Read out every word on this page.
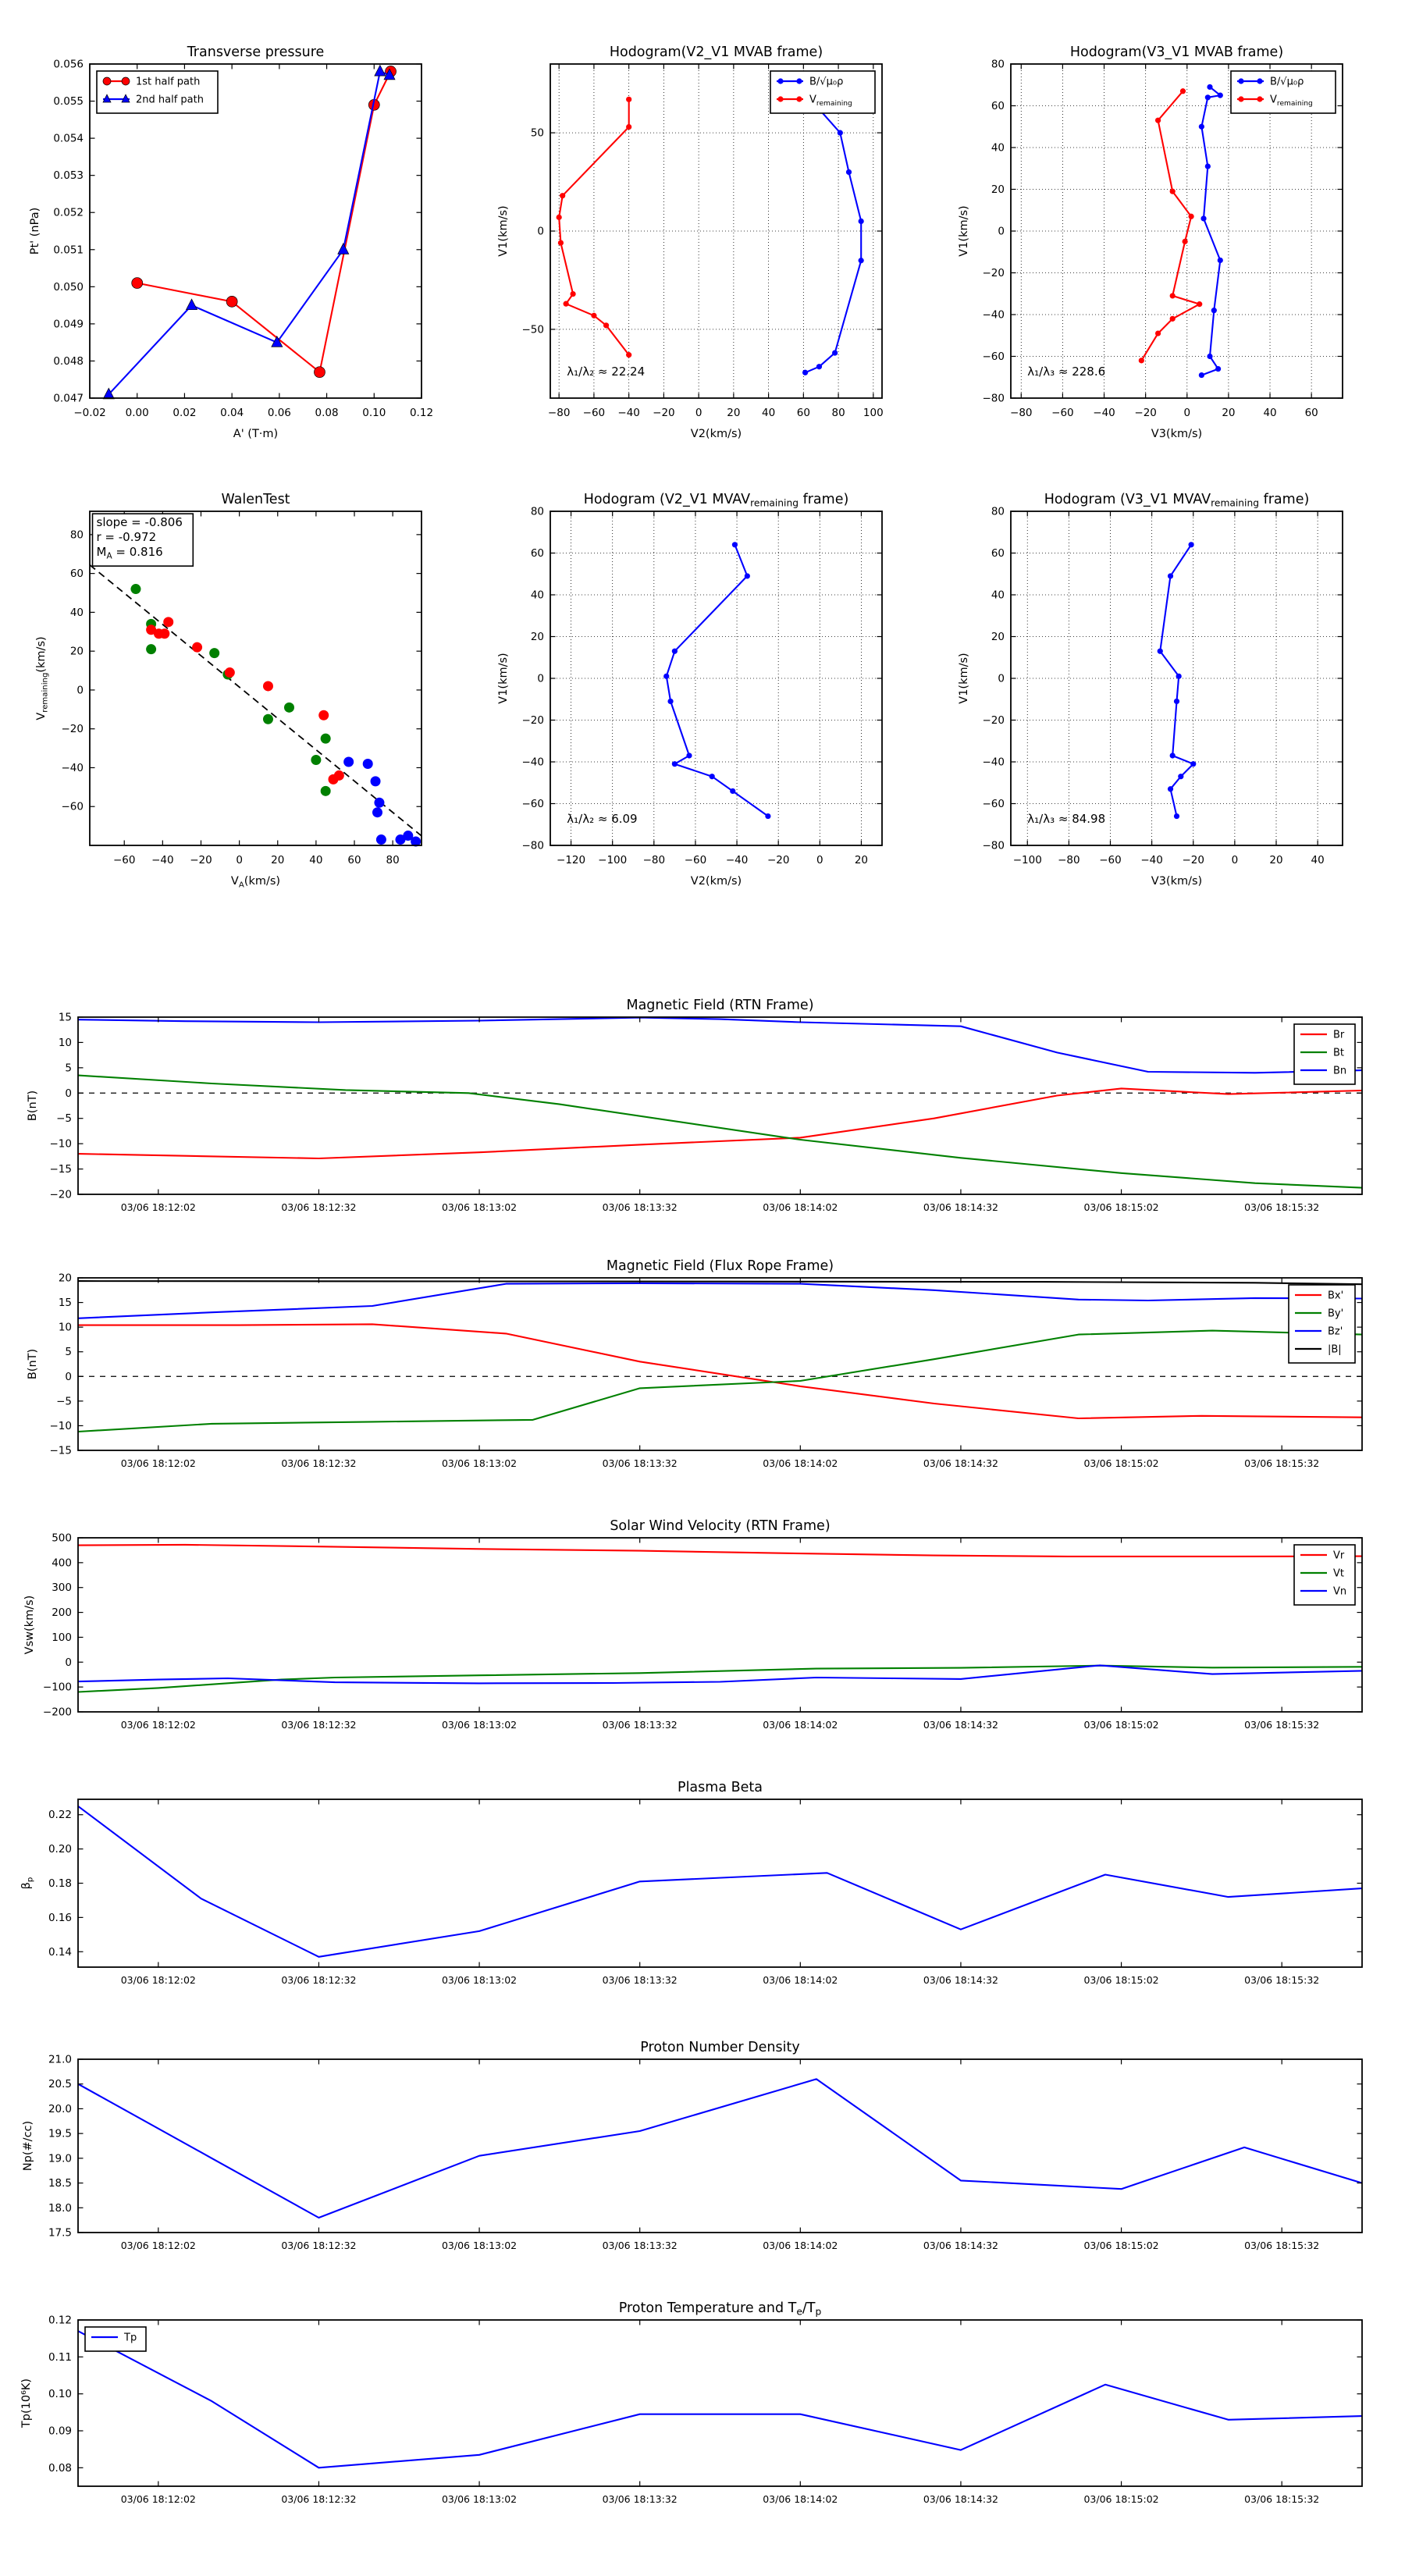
−0.02 0.00 0.02 0.04 0.06 0.08 0.10 0.12
0.047
0.048
0.049
0.050
0.051
0.052
0.053
0.054
0.055
0.056
Transverse pressure
A' (T·m)
Pt' (nPa)
1st half path
2nd half path
−80 −60 −40 −20 0 20 40 60 80 100
−50
0
50
Hodogram(V2_V1 MVAB frame)
V2(km/s)
V1(km/s)
B/√μ₀ρ
$V_{remaining}$
λ₁/λ₂ ≈ 22.24
−80 −60 −40 −20	0	20	40	60
−80
−60
−40
−20
0
20
40
60
80
Hodogram(V3_V1 MVAB frame)
V3(km/s)
V1(km/s)
B/√μ₀ρ
$V_{remaining}$
λ₁/λ₃ ≈ 228.6
−60 −40 −20 0	20 40 60 80
−60
−40
−20
0
20
40
60
80
WalenTest
$V_A(km/s)$
$V_{remaining}(km/s)$
slope = -0.806
r = -0.972
$M_A = 0.816$
−120 −100 −80 −60 −40 −20	0	20
−80
−60
−40
−20
0
20
40
60
80
Hodogram (V2_V1 $MVAV_{remaining}$ frame)
V2(km/s)
V1(km/s)
λ₁/λ₂ ≈ 6.09
−100 −80 −60 −40 −20	0	20	40
−80
−60
−40
−20
0
20
40
60
80
Hodogram (V3_V1 $MVAV_{remaining}$ frame)
V3(km/s)
V1(km/s)
λ₁/λ₃ ≈ 84.98
03/06 18:12:02	03/06 18:12:32	03/06 18:13:02	03/06 18:13:32	03/06 18:14:02	03/06 18:14:32	03/06 18:15:02	03/06 18:15:32
15
10
5
0
−5
−10
−15
−20
Magnetic Field (RTN Frame)
B(nT)
Br
Bt
Bn
03/06 18:12:02	03/06 18:12:32	03/06 18:13:02	03/06 18:13:32	03/06 18:14:02	03/06 18:14:32	03/06 18:15:02	03/06 18:15:32
20
15
10
5
0
−5
−10
−15
Magnetic Field (Flux Rope Frame)
B(nT)
Bx'
By'
Bz'
|B|
03/06 18:12:02	03/06 18:12:32	03/06 18:13:02	03/06 18:13:32	03/06 18:14:02	03/06 18:14:32	03/06 18:15:02	03/06 18:15:32
500
400
300
200
100
0
−100
−200
Solar Wind Velocity (RTN Frame)
Vsw(km/s)
Vr
Vt
Vn
03/06 18:12:02	03/06 18:12:32	03/06 18:13:02	03/06 18:13:32	03/06 18:14:02	03/06 18:14:32	03/06 18:15:02	03/06 18:15:32
0.22
0.20
0.18
0.16
0.14
Plasma Beta
$\beta_p$
03/06 18:12:02	03/06 18:12:32	03/06 18:13:02	03/06 18:13:32	03/06 18:14:02	03/06 18:14:32	03/06 18:15:02	03/06 18:15:32
21.0
20.5
20.0
19.5
19.0
18.5
18.0
17.5
Proton Number Density
Np(#/cc)
03/06 18:12:02	03/06 18:12:32	03/06 18:13:02	03/06 18:13:32	03/06 18:14:02	03/06 18:14:32	03/06 18:15:02	03/06 18:15:32
0.12
0.11
0.10
0.09
0.08
Proton Temperature and $T_e/T_p$
Tp(10⁶K)
Tp
